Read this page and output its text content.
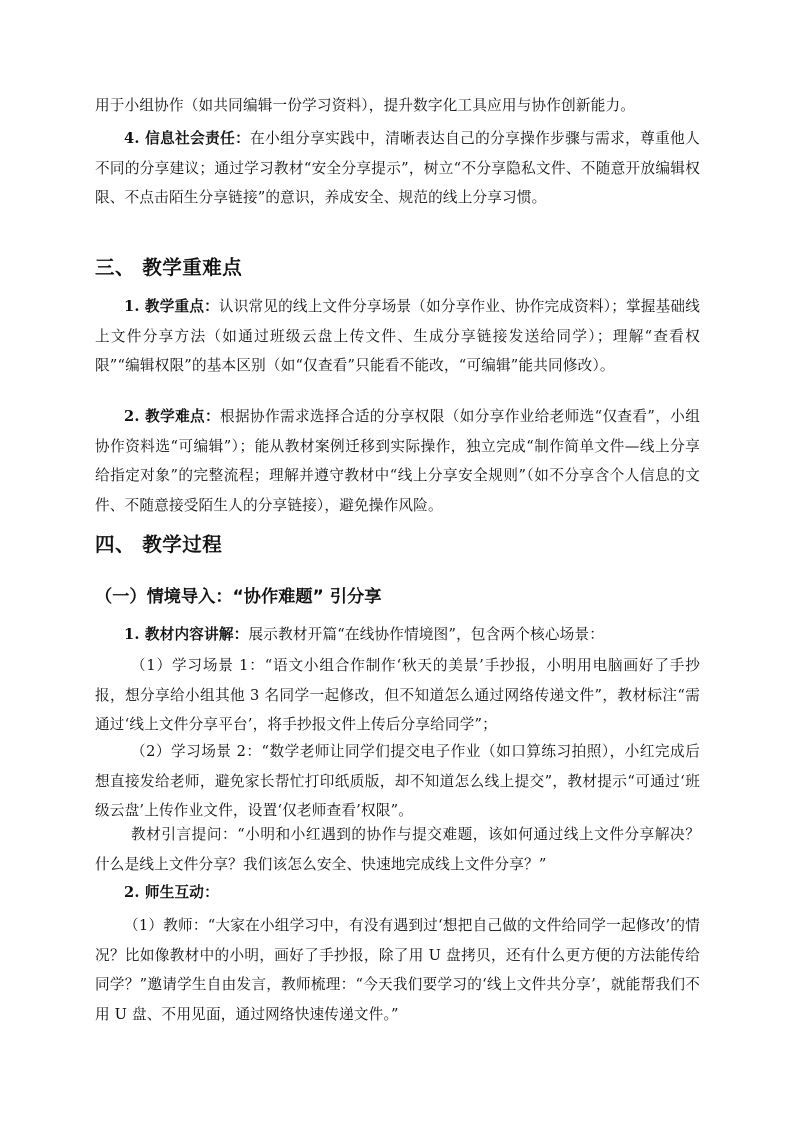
用于小组协作（如共同编辑一份学习资料），提升数字化工具应用与协作创新能力。

4. 信息社会责任：在小组分享实践中，清晰表达自己的分享操作步骤与需求，尊重他人不同的分享建议；通过学习教材“安全分享提示”，树立“不分享隐私文件、不随意开放编辑权限、不点击陌生分享链接”的意识，养成安全、规范的线上分享习惯。

三、 教学重难点

1. 教学重点：认识常见的线上文件分享场景（如分享作业、协作完成资料）；掌握基础线上文件分享方法（如通过班级云盘上传文件、生成分享链接发送给同学）；理解“查看权限”“编辑权限”的基本区别（如“仅查看”只能看不能改，“可编辑”能共同修改）。

2. 教学难点：根据协作需求选择合适的分享权限（如分享作业给老师选“仅查看”，小组协作资料选“可编辑”）；能从教材案例迁移到实际操作，独立完成“制作简单文件—线上分享给指定对象”的完整流程；理解并遵守教材中“线上分享安全规则”（如不分享含个人信息的文件、不随意接受陌生人的分享链接），避免操作风险。

四、 教学过程
（一）情境导入：“协作难题” 引分享

1. 教材内容讲解：展示教材开篇“在线协作情境图”，包含两个核心场景：

（1）学习场景 1：“语文小组合作制作‘秋天的美景’手抄报，小明用电脑画好了手抄报，想分享给小组其他 3 名同学一起修改，但不知道怎么通过网络传递文件”，教材标注“需通过‘线上文件分享平台’，将手抄报文件上传后分享给同学”；

（2）学习场景 2：“数学老师让同学们提交电子作业（如口算练习拍照），小红完成后想直接发给老师，避免家长帮忙打印纸质版，却不知道怎么线上提交”，教材提示“可通过‘班级云盘’上传作业文件，设置‘仅老师查看’权限”。

教材引言提问：“小明和小红遇到的协作与提交难题，该如何通过线上文件分享解决？什么是线上文件分享？我们该怎么安全、快速地完成线上文件分享？”

2. 师生互动：

（1）教师：“大家在小组学习中，有没有遇到过‘想把自己做的文件给同学一起修改’的情况？比如像教材中的小明，画好了手抄报，除了用 U 盘拷贝，还有什么更方便的方法能传给同学？”邀请学生自由发言，教师梳理：“今天我们要学习的‘线上文件共分享’，就能帮我们不用 U 盘、不用见面，通过网络快速传递文件。”
